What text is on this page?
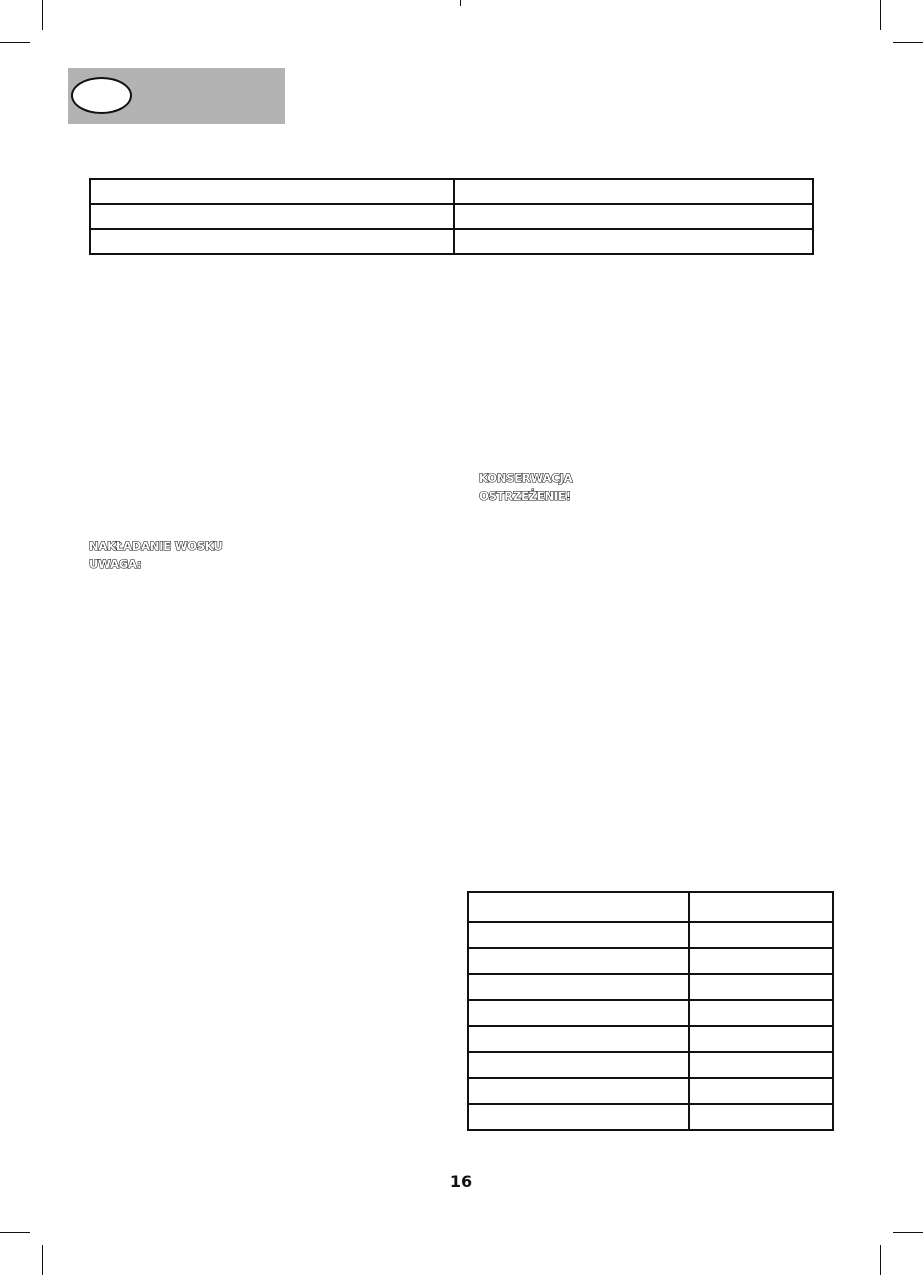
KONSERWACJA
OSTRZEŻENIE!
NAKŁADANIE WOSKU
UWAGA:

16
